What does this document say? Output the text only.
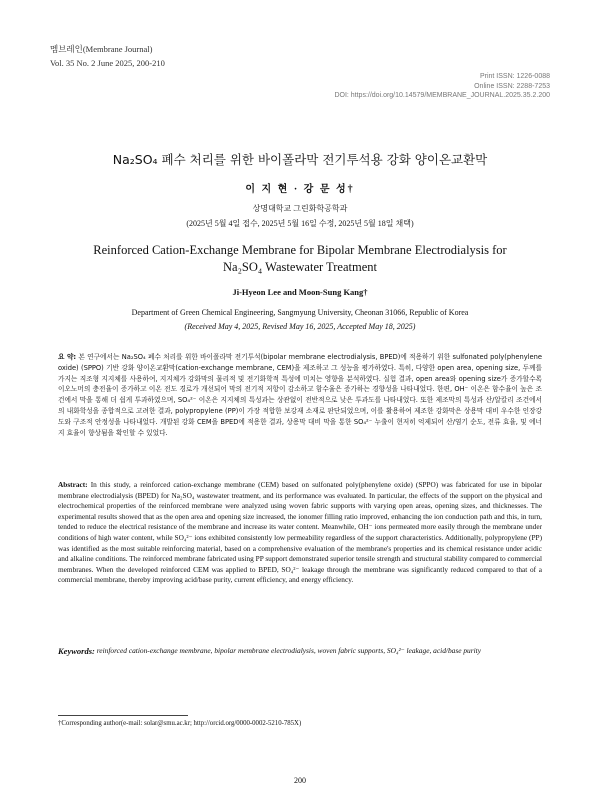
멤브레인(Membrane Journal)
Vol. 35 No. 2 June 2025, 200-210
Print ISSN: 1226-0088
Online ISSN: 2288-7253
DOI: https://doi.org/10.14579/MEMBRANE_JOURNAL.2025.35.2.200
Na₂SO₄ 폐수 처리를 위한 바이폴라막 전기투석용 강화 양이온교환막
이 지 현 · 강 문 성†
상명대학교 그린화학공학과
(2025년 5월 4일 접수, 2025년 5월 16일 수정, 2025년 5월 18일 채택)
Reinforced Cation-Exchange Membrane for Bipolar Membrane Electrodialysis for
Na₂SO₄ Wastewater Treatment
Ji-Hyeon Lee and Moon-Sung Kang†
Department of Green Chemical Engineering, Sangmyung University, Cheonan 31066, Republic of Korea
(Received May 4, 2025, Revised May 16, 2025, Accepted May 18, 2025)
요 약: 본 연구에서는 Na₂SO₄ 폐수 처리를 위한 바이폴라막 전기투석(bipolar membrane electrodialysis, BPED)에 적용하기 위한 sulfonated poly(phenylene oxide) (SPPO) 기반 강화 양이온교환막(cation-exchange membrane, CEM)을 제조하고 그 성능을 평가하였다. 특히, 다양한 open area, opening size, 두께를 가지는 직조형 지지체를 사용하여, 지지체가 강화막의 물리적 및 전기화학적 특성에 미치는 영향을 분석하였다. 실험 결과, open area와 opening size가 증가할수록 이오노머의 충전율이 증가하고 이온 전도 경로가 개선되어 막의 전기적 저항이 감소하고 함수율은 증가하는 경향성을 나타내었다. 한편, OH⁻ 이온은 함수율이 높은 조건에서 막을 통해 더 쉽게 투과하였으며, SO₄²⁻ 이온은 지지체의 특성과는 상관없이 전반적으로 낮은 투과도를 나타내었다. 또한 제조막의 특성과 산/알칼리 조건에서의 내화학성을 종합적으로 고려한 결과, polypropylene (PP)이 가장 적합한 보강재 소재로 판단되었으며, 이를 활용하여 제조한 강화막은 상용막 대비 우수한 인장강도와 구조적 안정성을 나타내었다. 개발된 강화 CEM을 BPED에 적용한 결과, 상용막 대비 막을 통한 SO₄²⁻ 누출이 현저히 억제되어 산/염기 순도, 전류 효율, 및 에너지 효율이 향상됨을 확인할 수 있었다.
Abstract: In this study, a reinforced cation-exchange membrane (CEM) based on sulfonated poly(phenylene oxide) (SPPO) was fabricated for use in bipolar membrane electrodialysis (BPED) for Na₂SO₄ wastewater treatment, and its performance was evaluated. In particular, the effects of the support on the physical and electrochemical properties of the reinforced membrane were analyzed using woven fabric supports with varying open areas, opening sizes, and thicknesses. The experimental results showed that as the open area and opening size increased, the ionomer filling ratio improved, enhancing the ion conduction path and this, in turn, tended to reduce the electrical resistance of the membrane and increase its water content. Meanwhile, OH⁻ ions permeated more easily through the membrane under conditions of high water content, while SO₄²⁻ ions exhibited consistently low permeability regardless of the support characteristics. Additionally, polypropylene (PP) was identified as the most suitable reinforcing material, based on a comprehensive evaluation of the membrane's properties and its chemical resistance under acidic and alkaline conditions. The reinforced membrane fabricated using PP support demonstrated superior tensile strength and structural stability compared to commercial membranes. When the developed reinforced CEM was applied to BPED, SO₄²⁻ leakage through the membrane was significantly reduced compared to that of a commercial membrane, thereby improving acid/base purity, current efficiency, and energy efficiency.
Keywords: reinforced cation-exchange membrane, bipolar membrane electrodialysis, woven fabric supports, SO₄²⁻ leakage, acid/base purity
†Corresponding author(e-mail: solar@smu.ac.kr; http://orcid.org/0000-0002-5210-785X)
200
